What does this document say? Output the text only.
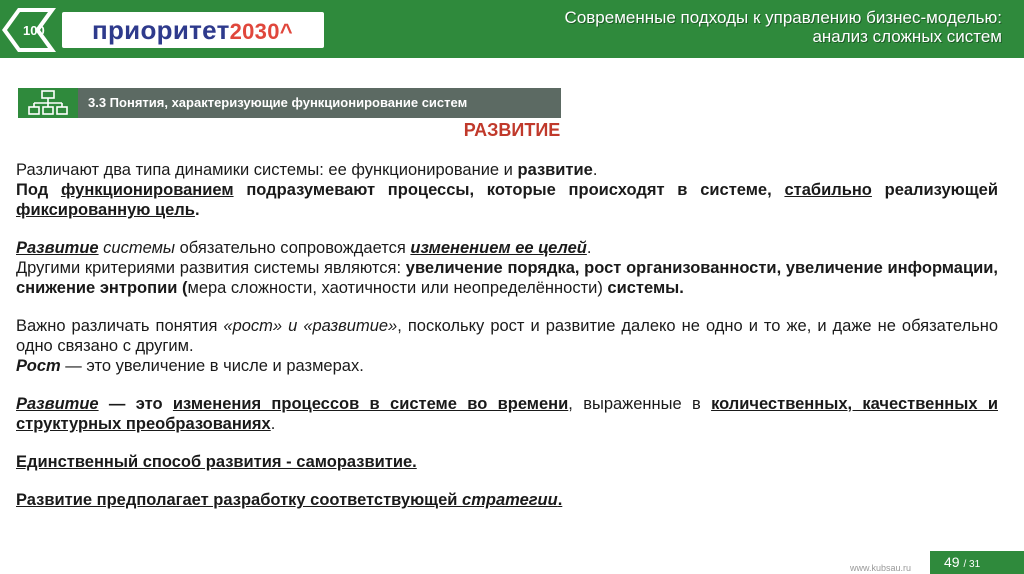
100 приоритет2030^
Современные подходы к управлению бизнес-моделью:
анализ сложных систем
3.3 Понятия, характеризующие функционирование систем
РАЗВИТИЕ

Различают два типа динамики системы: ее функционирование и развитие.

Под функционированием подразумевают процессы, которые происходят в системе, стабильно реализующей фиксированную цель.

Развитие системы обязательно сопровождается изменением ее целей.

Другими критериями развития системы являются: увеличение порядка, рост организованности, увеличение информации, снижение энтропии (мера сложности, хаотичности или неопределённости) системы.

Важно различать понятия «рост» и «развитие», поскольку рост и развитие далеко не одно и то же, и даже не обязательно одно связано с другим.

Рост — это увеличение в числе и размерах.

Развитие — это изменения процессов в системе во времени, выраженные в количественных, качественных и структурных преобразованиях.

Единственный способ развития - саморазвитие.

Развитие предполагает разработку соответствующей стратегии.

www.kubsau.ru 49 / 31
